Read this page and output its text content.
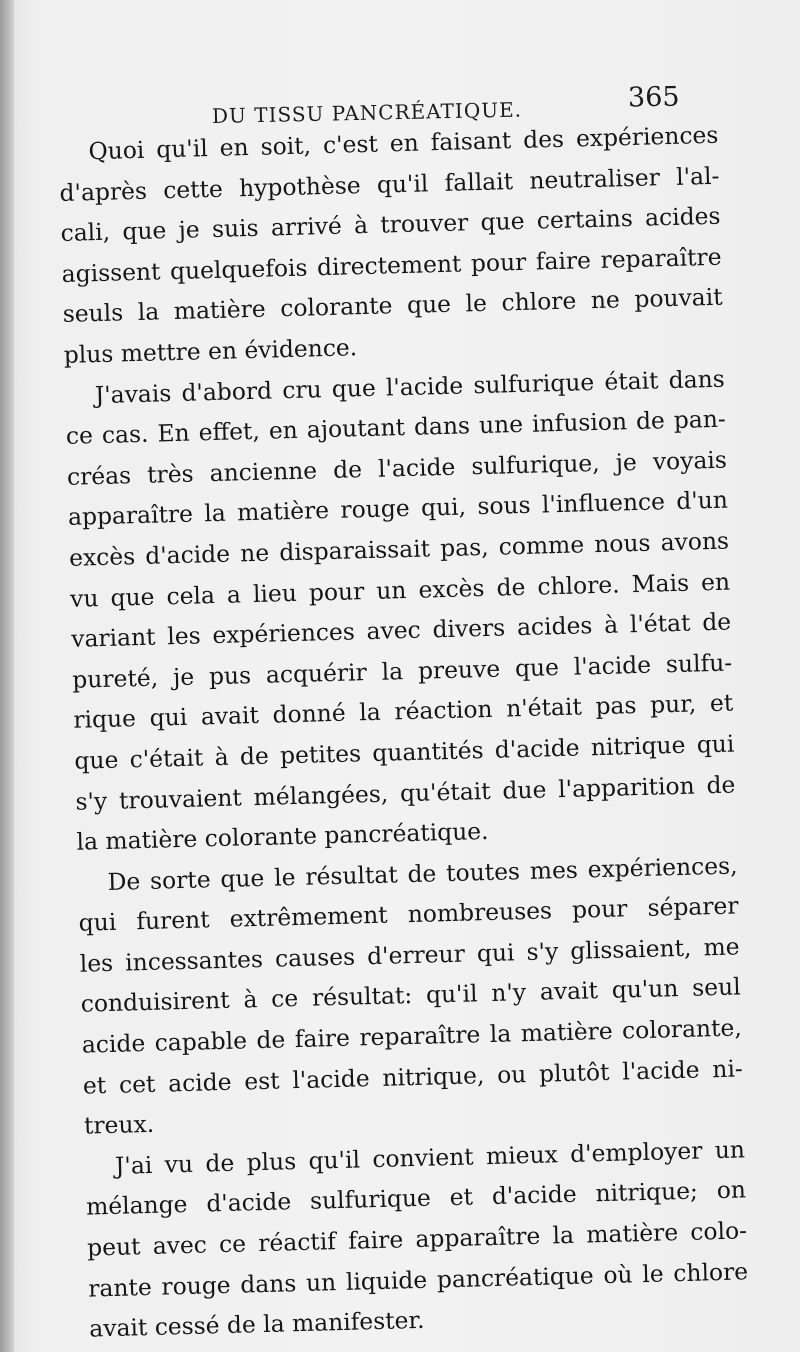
DU TISSU PANCRÉATIQUE.	365
Quoi qu'il en soit, c'est en faisant des expériences
d'après cette hypothèse qu'il fallait neutraliser l'al-
cali, que je suis arrivé à trouver que certains acides
agissent quelquefois directement pour faire reparaître
seuls la matière colorante que le chlore ne pouvait
plus mettre en évidence.
J'avais d'abord cru que l'acide sulfurique était dans
ce cas. En effet, en ajoutant dans une infusion de pan-
créas très ancienne de l'acide sulfurique, je voyais
apparaître la matière rouge qui, sous l'influence d'un
excès d'acide ne disparaissait pas, comme nous avons
vu que cela a lieu pour un excès de chlore. Mais en
variant les expériences avec divers acides à l'état de
pureté, je pus acquérir la preuve que l'acide sulfu-
rique qui avait donné la réaction n'était pas pur, et
que c'était à de petites quantités d'acide nitrique qui
s'y trouvaient mélangées, qu'était due l'apparition de
la matière colorante pancréatique.
De sorte que le résultat de toutes mes expériences,
qui furent extrêmement nombreuses pour séparer
les incessantes causes d'erreur qui s'y glissaient, me
conduisirent à ce résultat: qu'il n'y avait qu'un seul
acide capable de faire reparaître la matière colorante,
et cet acide est l'acide nitrique, ou plutôt l'acide ni-
treux.
J'ai vu de plus qu'il convient mieux d'employer un
mélange d'acide sulfurique et d'acide nitrique; on
peut avec ce réactif faire apparaître la matière colo-
rante rouge dans un liquide pancréatique où le chlore
avait cessé de la manifester.
